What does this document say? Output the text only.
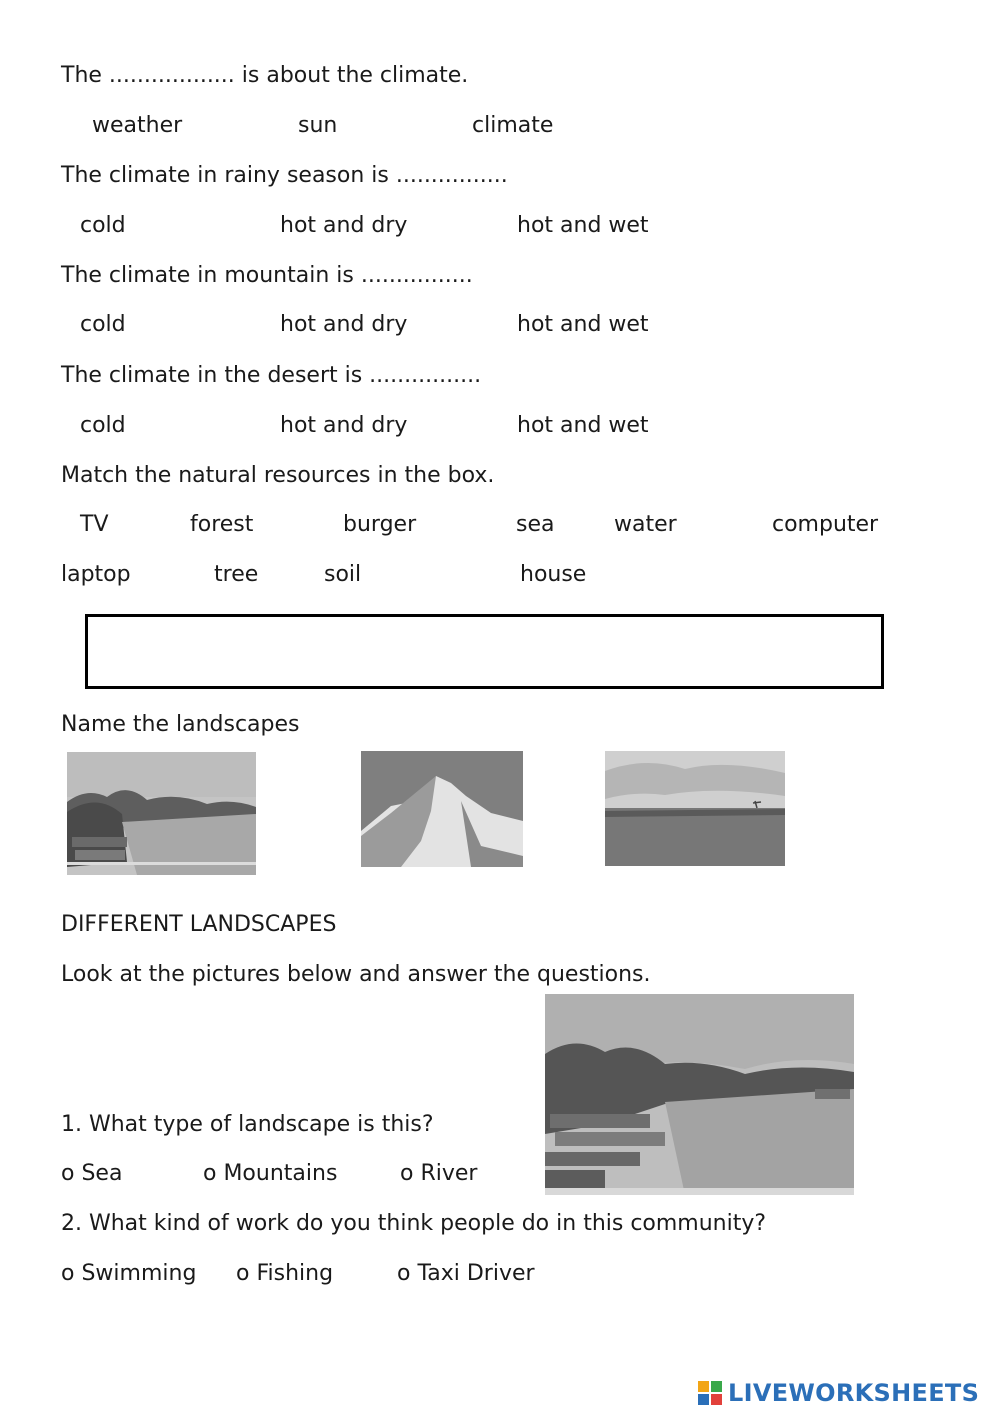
The .................. is about the climate.
weather	sun	climate
The climate in rainy season is ................
cold	hot and dry	hot and wet
The climate in mountain is ................
cold	hot and dry	hot and wet
The climate in the desert is ................
cold	hot and dry	hot and wet
Match the natural resources in the box.
TV	forest	burger	sea	water	computer
laptop	tree	soil	house
Name the landscapes
DIFFERENT LANDSCAPES
Look at the pictures below and answer the questions.
1. What type of landscape is this?
o Sea	o Mountains	o River
2. What kind of work do you think people do in this community?
o Swimming o Fishing	o Taxi Driver
LIVEWORKSHEETS
